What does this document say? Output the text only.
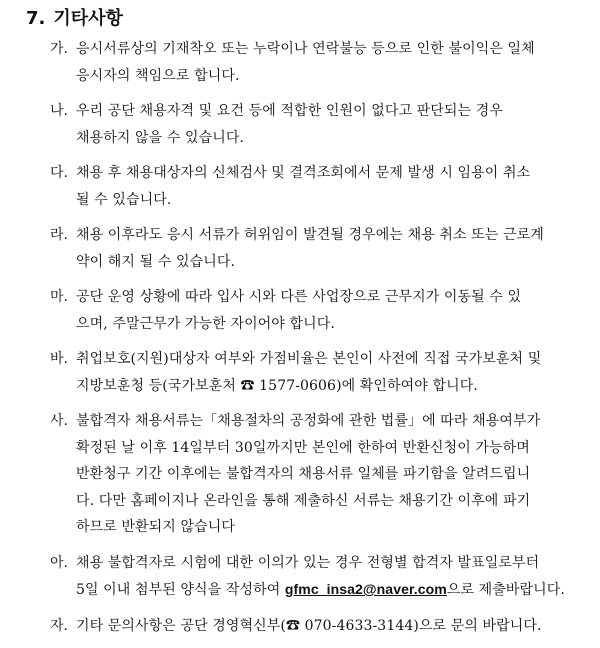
7. 기타사항
가. 응시서류상의 기재착오 또는 누락이나 연락불능 등으로 인한 불이익은 일체
응시자의 책임으로 합니다.
나. 우리 공단 채용자격 및 요건 등에 적합한 인원이 없다고 판단되는 경우
채용하지 않을 수 있습니다.
다. 채용 후 채용대상자의 신체검사 및 결격조회에서 문제 발생 시 임용이 취소
될 수 있습니다.
라. 채용 이후라도 응시 서류가 허위임이 발견될 경우에는 채용 취소 또는 근로계
약이 해지 될 수 있습니다.
마. 공단 운영 상황에 따라 입사 시와 다른 사업장으로 근무지가 이동될 수 있
으며, 주말근무가 가능한 자이어야 합니다.
바. 취업보호(지원)대상자 여부와 가점비율은 본인이 사전에 직접 국가보훈처 및
지방보훈청 등(국가보훈처 ☎ 1577-0606)에 확인하여야 합니다.
사. 불합격자 채용서류는「채용절차의 공정화에 관한 법률」에 따라 채용여부가
확정된 날 이후 14일부터 30일까지만 본인에 한하여 반환신청이 가능하며
반환청구 기간 이후에는 불합격자의 채용서류 일체를 파기함을 알려드립니
다. 다만 홈페이지나 온라인을 통해 제출하신 서류는 채용기간 이후에 파기
하므로 반환되지 않습니다
아. 채용 불합격자로 시험에 대한 이의가 있는 경우 전형별 합격자 발표일로부터
5일 이내 첨부된 양식을 작성하여 gfmc_insa2@naver.com으로 제출바랍니다.
자. 기타 문의사항은 공단 경영혁신부(☎ 070-4633-3144)으로 문의 바랍니다.
